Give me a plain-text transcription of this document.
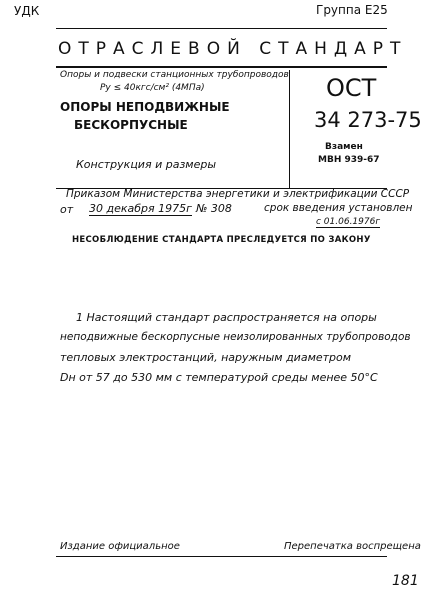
УДК	Группа Е25
ОТРАСЛЕВОЙ СТАНДАРТ
Опоры и подвески станционных трубопроводов
Py ≤ 40кгс/см² (4МПа)
ОПОРЫ НЕПОДВИЖНЫЕ
БЕСКОРПУСНЫЕ
Конструкция и размеры
ОСТ
34 273-75
Взамен
МВН 939-67
Приказом Министерства энергетики и электрификации СССР
от 30 декабря 1975г № 308	срок введения установлен
с 01.06.1976г
НЕСОБЛЮДЕНИЕ СТАНДАРТА ПРЕСЛЕДУЕТСЯ ПО ЗАКОНУ
1 Настоящий стандарт распространяется на опоры
неподвижные бескорпусные неизолированных трубопроводов
тепловых электростанций, наружным диаметром
Dн от 57 до 530 мм с температурой среды менее 50°С
Издание официальное	Перепечатка воспрещена
181
